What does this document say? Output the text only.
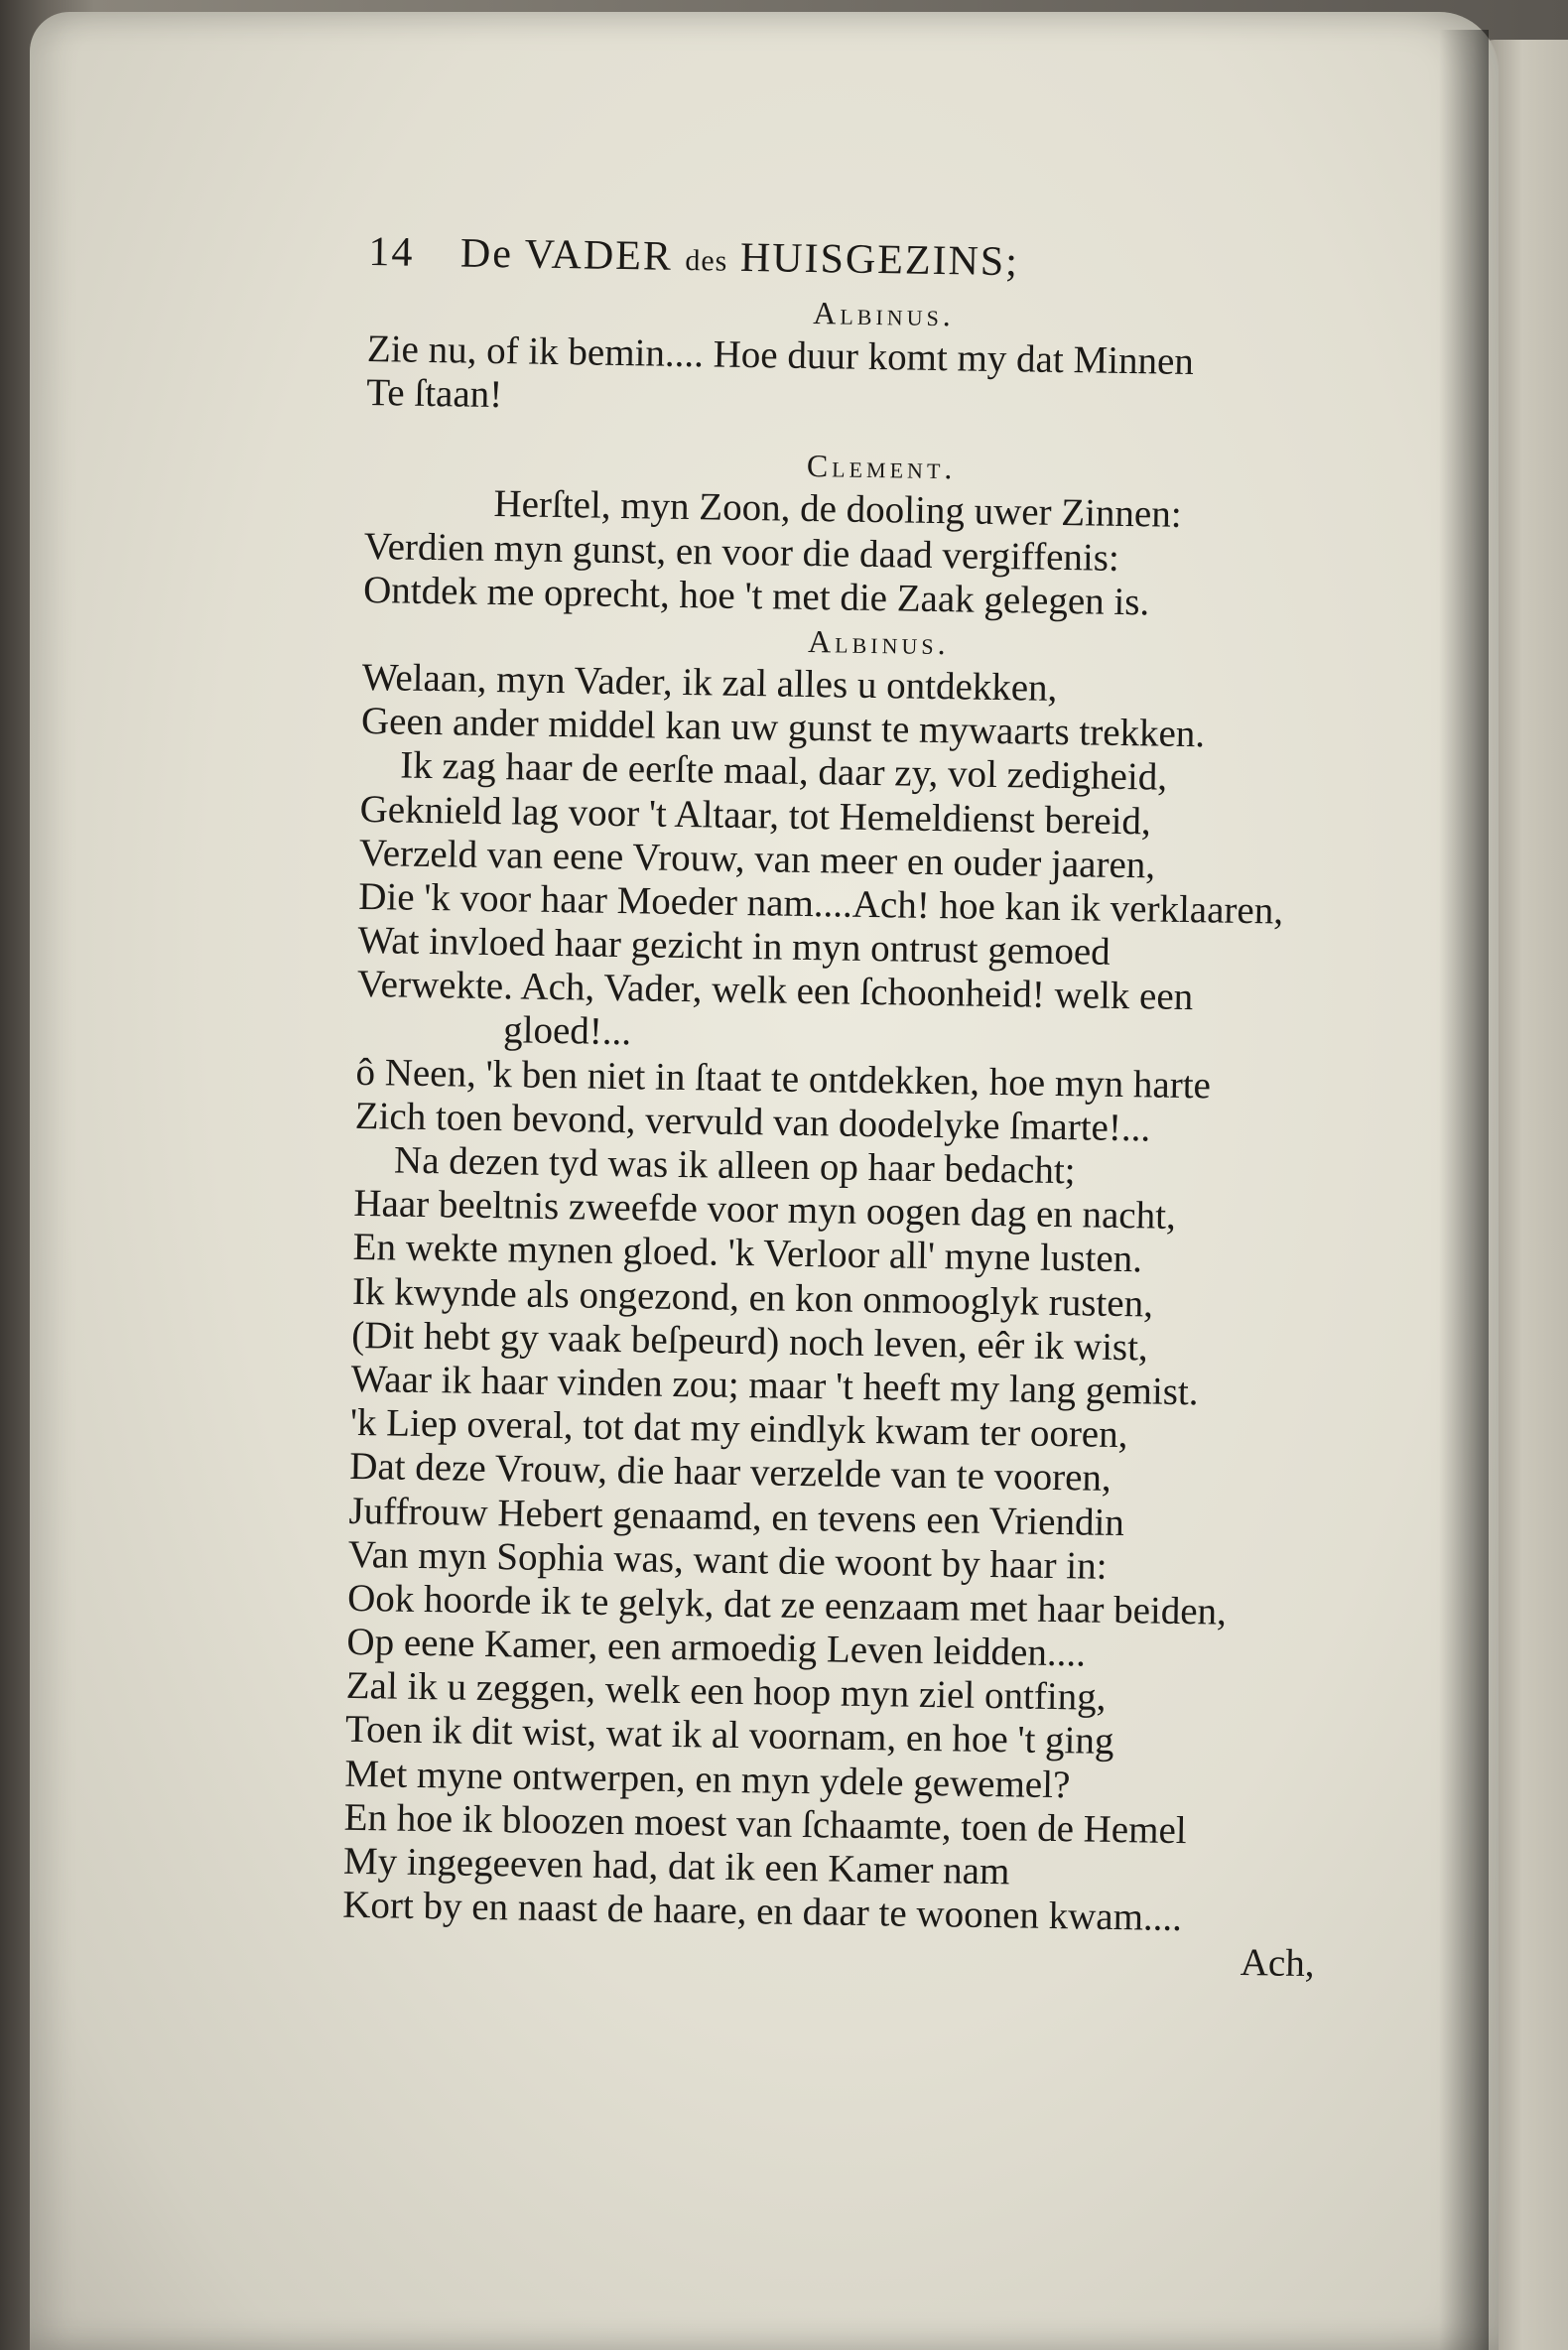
14 De VADER des HUISGEZINS;
Albinus.
Zie nu, of ik bemin.... Hoe duur komt my dat Minnen
Te ſtaan!
Clement.
Herſtel, myn Zoon, de dooling uwer Zinnen:
Verdien myn gunst, en voor die daad vergiffenis:
Ontdek me oprecht, hoe 't met die Zaak gelegen is.
Albinus.
Welaan, myn Vader, ik zal alles u ontdekken,
Geen ander middel kan uw gunst te mywaarts trekken.
Ik zag haar de eerſte maal, daar zy, vol zedigheid,
Geknield lag voor 't Altaar, tot Hemeldienst bereid,
Verzeld van eene Vrouw, van meer en ouder jaaren,
Die 'k voor haar Moeder nam....Ach! hoe kan ik verklaaren,
Wat invloed haar gezicht in myn ontrust gemoed
Verwekte. Ach, Vader, welk een ſchoonheid! welk een
gloed!...
ô Neen, 'k ben niet in ſtaat te ontdekken, hoe myn harte
Zich toen bevond, vervuld van doodelyke ſmarte!...
Na dezen tyd was ik alleen op haar bedacht;
Haar beeltnis zweefde voor myn oogen dag en nacht,
En wekte mynen gloed. 'k Verloor all' myne lusten.
Ik kwynde als ongezond, en kon onmooglyk rusten,
(Dit hebt gy vaak beſpeurd) noch leven, eêr ik wist,
Waar ik haar vinden zou; maar 't heeft my lang gemist.
'k Liep overal, tot dat my eindlyk kwam ter ooren,
Dat deze Vrouw, die haar verzelde van te vooren,
Juffrouw Hebert genaamd, en tevens een Vriendin
Van myn Sophia was, want die woont by haar in:
Ook hoorde ik te gelyk, dat ze eenzaam met haar beiden,
Op eene Kamer, een armoedig Leven leidden....
Zal ik u zeggen, welk een hoop myn ziel ontfing,
Toen ik dit wist, wat ik al voornam, en hoe 't ging
Met myne ontwerpen, en myn ydele gewemel?
En hoe ik bloozen moest van ſchaamte, toen de Hemel
My ingegeeven had, dat ik een Kamer nam
Kort by en naast de haare, en daar te woonen kwam....
Ach,
